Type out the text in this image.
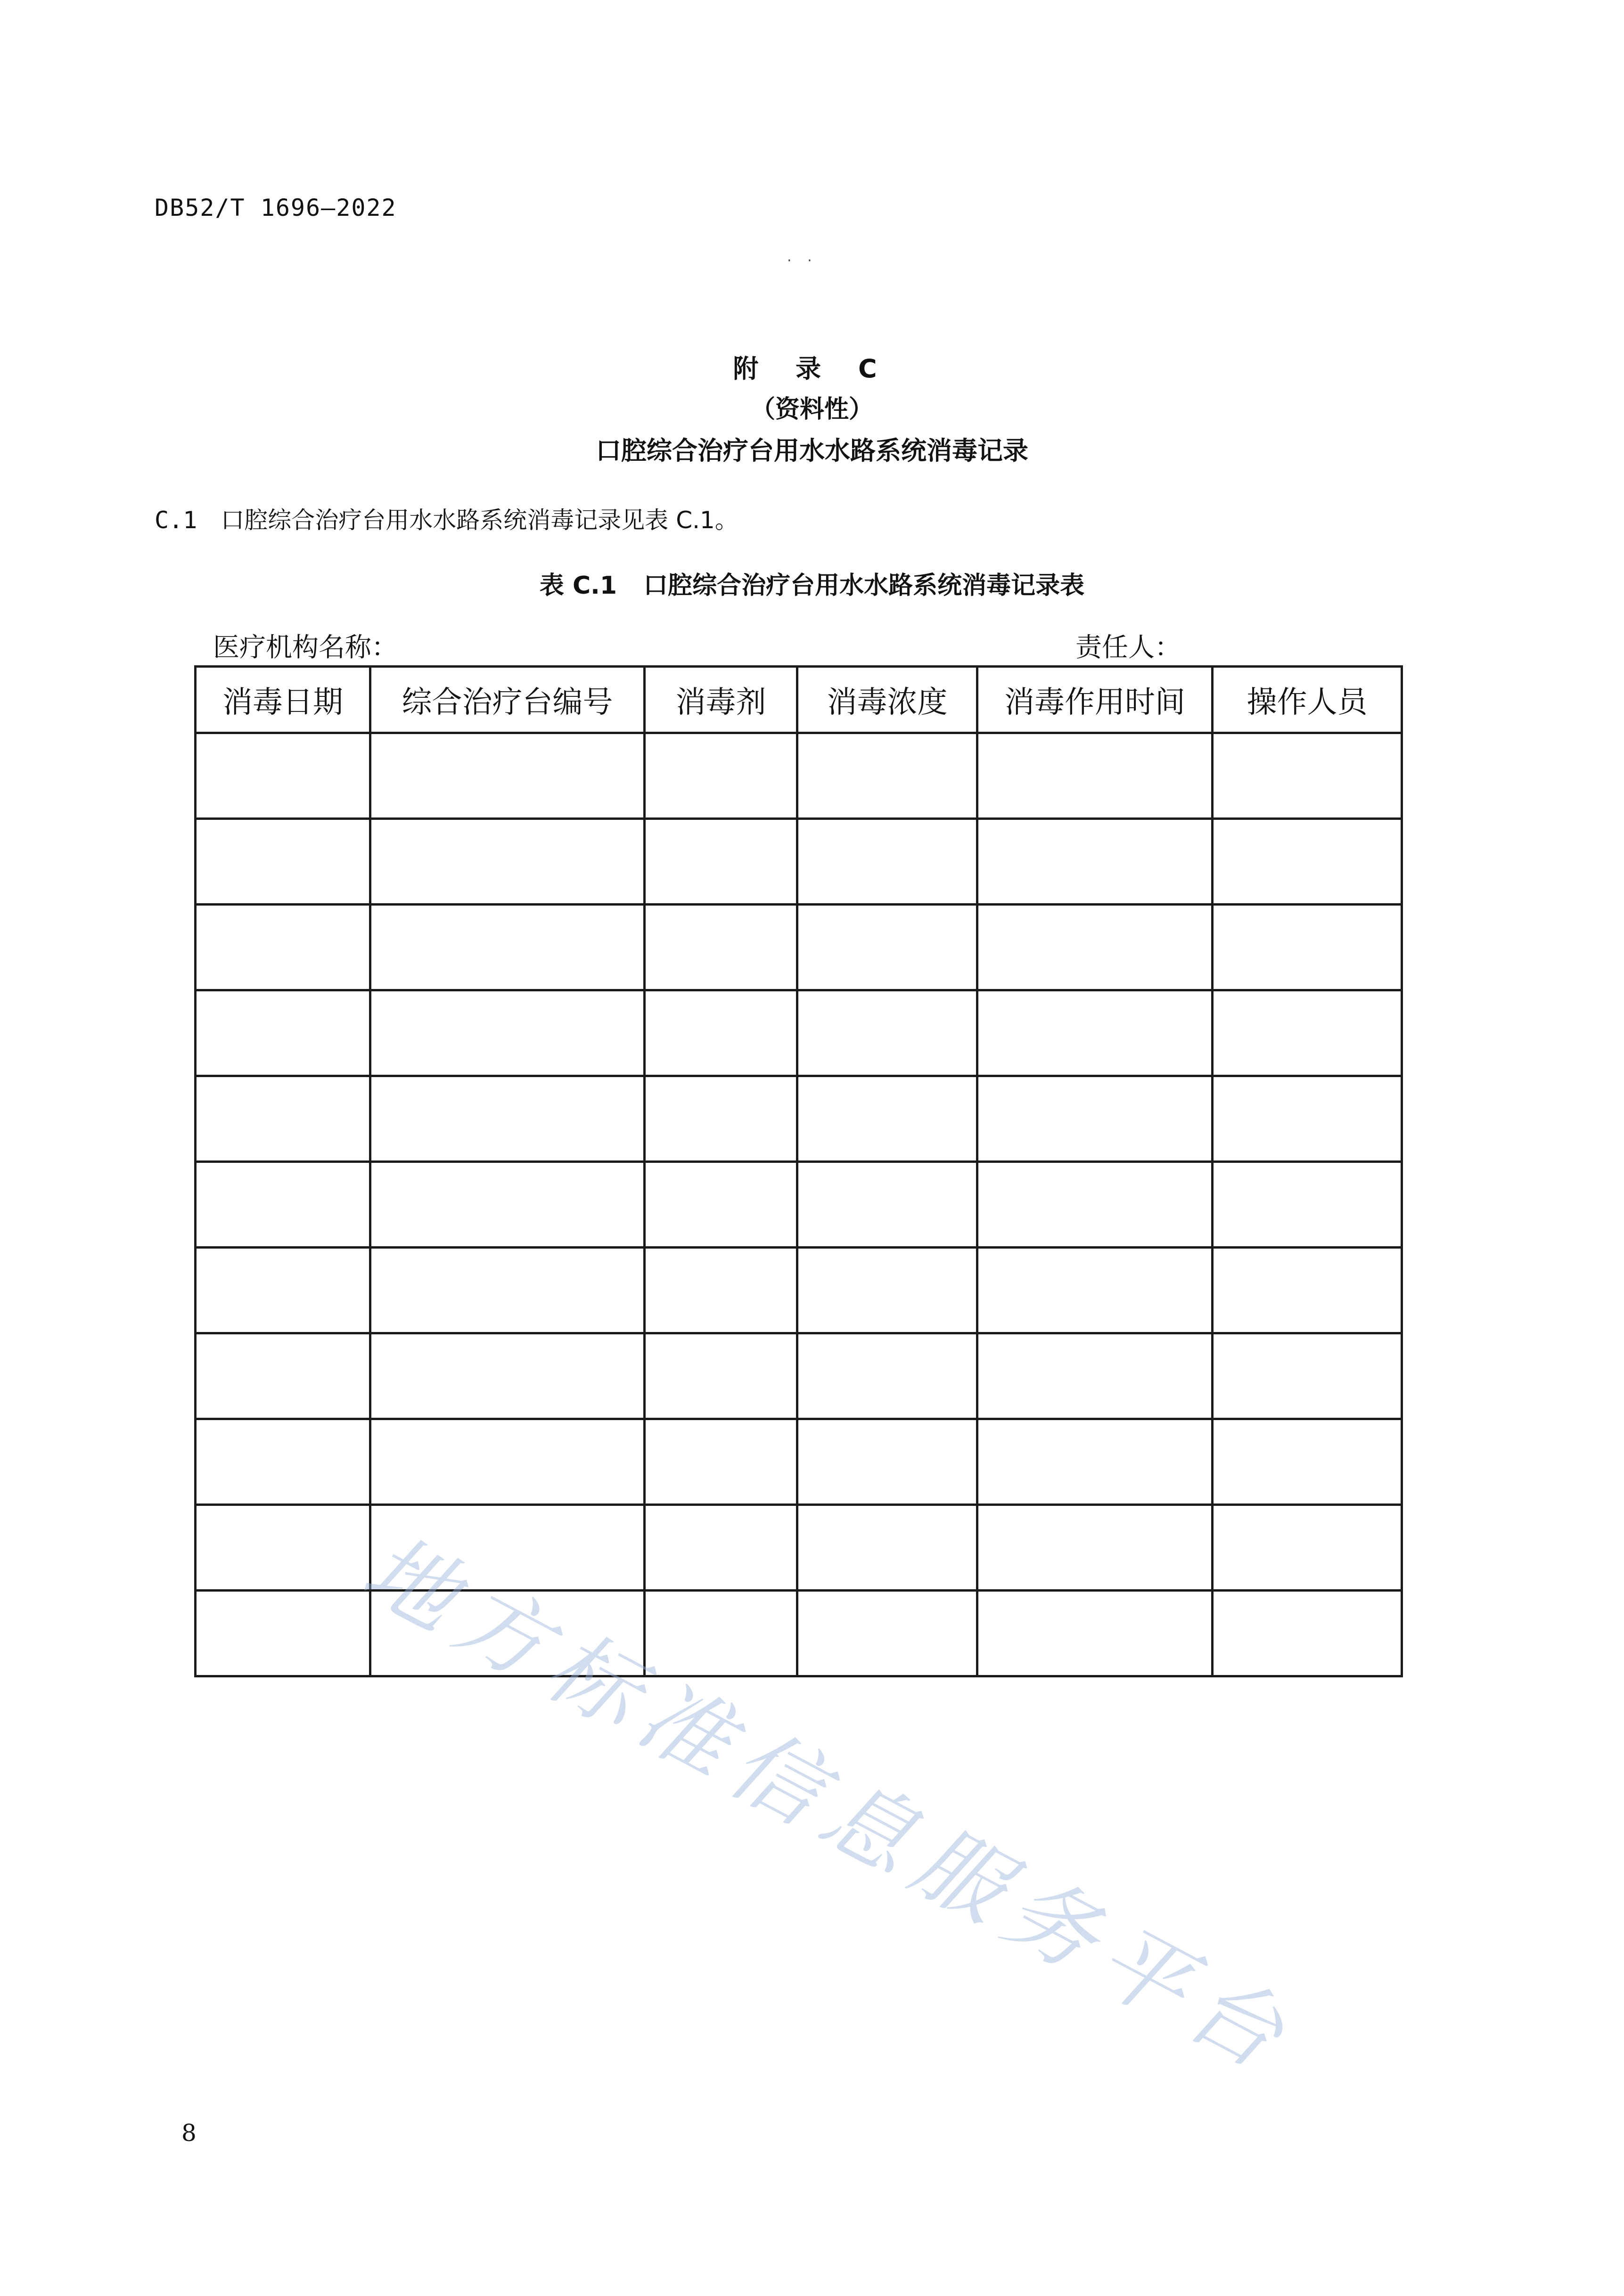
DB52/T 1696—2022
· ·
附 录 C
（资料性）
口腔综合治疗台用水水路系统消毒记录
C.1 口腔综合治疗台用水水路系统消毒记录见表 C.1。
表 C.1 口腔综合治疗台用水水路系统消毒记录表
医疗机构名称：	责任人：
消毒日期	综合治疗台编号	消毒剂	消毒浓度	消毒作用时间	操作人员

地方标准信息服务平台
8
